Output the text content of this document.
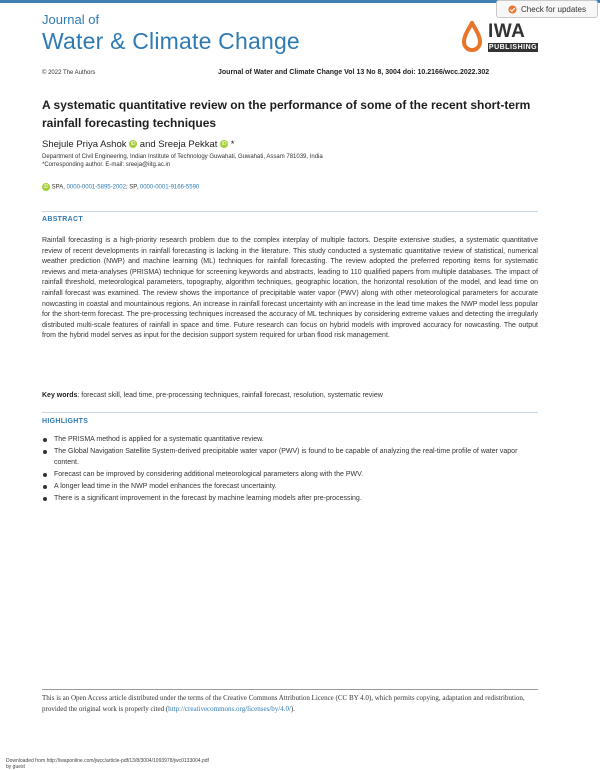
Journal of
Water & Climate Change
Check for updates
IWA
PUBLISHING
© 2022 The Authors	Journal of Water and Climate Change Vol 13 No 8, 3004 doi: 10.2166/wcc.2022.302
A systematic quantitative review on the performance of some of the recent short-term rainfall forecasting techniques
Shejule Priya Ashok iD and Sreeja Pekkat iD *
Department of Civil Engineering, Indian Institute of Technology Guwahati, Guwahati, Assam 781039, India
*Corresponding author. E-mail: sreeja@iitg.ac.in
iD SPA, 0000-0001-5895-2002; SP, 0000-0001-9166-5590
ABSTRACT
Rainfall forecasting is a high-priority research problem due to the complex interplay of multiple factors. Despite extensive studies, a systematic quantitative review of recent developments in rainfall forecasting is lacking in the literature. This study conducted a systematic quantitative review of statistical, numerical weather prediction (NWP) and machine learning (ML) techniques for rainfall forecasting. The review adopted the preferred reporting items for systematic reviews and meta-analyses (PRISMA) technique for screening keywords and abstracts, leading to 110 qualified papers from multiple databases. The impact of rainfall threshold, meteorological parameters, topography, algorithm techniques, geographic location, the horizontal resolution of the model, and lead time on rainfall forecast was examined. The review shows the importance of precipitable water vapor (PWV) along with other meteorological parameters for accurate nowcasting in coastal and mountainous regions. An increase in rainfall forecast uncertainty with an increase in the lead time makes the NWP model less popular for the short-term forecast. The pre-processing techniques increased the accuracy of ML techniques by considering extreme values and detecting the irregularly distributed multi-scale features of rainfall in space and time. Future research can focus on hybrid models with improved accuracy for nowcasting. The output from the hybrid model serves as input for the decision support system required for urban flood risk management.
Key words: forecast skill, lead time, pre-processing techniques, rainfall forecast, resolution, systematic review
HIGHLIGHTS
The PRISMA method is applied for a systematic quantitative review.
The Global Navigation Satellite System-derived precipitable water vapor (PWV) is found to be capable of analyzing the real-time profile of water vapor content.
Forecast can be improved by considering additional meteorological parameters along with the PWV.
A longer lead time in the NWP model enhances the forecast uncertainty.
There is a significant improvement in the forecast by machine learning models after pre-processing.
This is an Open Access article distributed under the terms of the Creative Commons Attribution Licence (CC BY 4.0), which permits copying, adaptation and redistribution, provided the original work is properly cited (http://creativecommons.org/licenses/by/4.0/).
Downloaded from http://iwaponline.com/jwcc/article-pdf/13/8/3004/1093978/jwc0133004.pdf
by guest
